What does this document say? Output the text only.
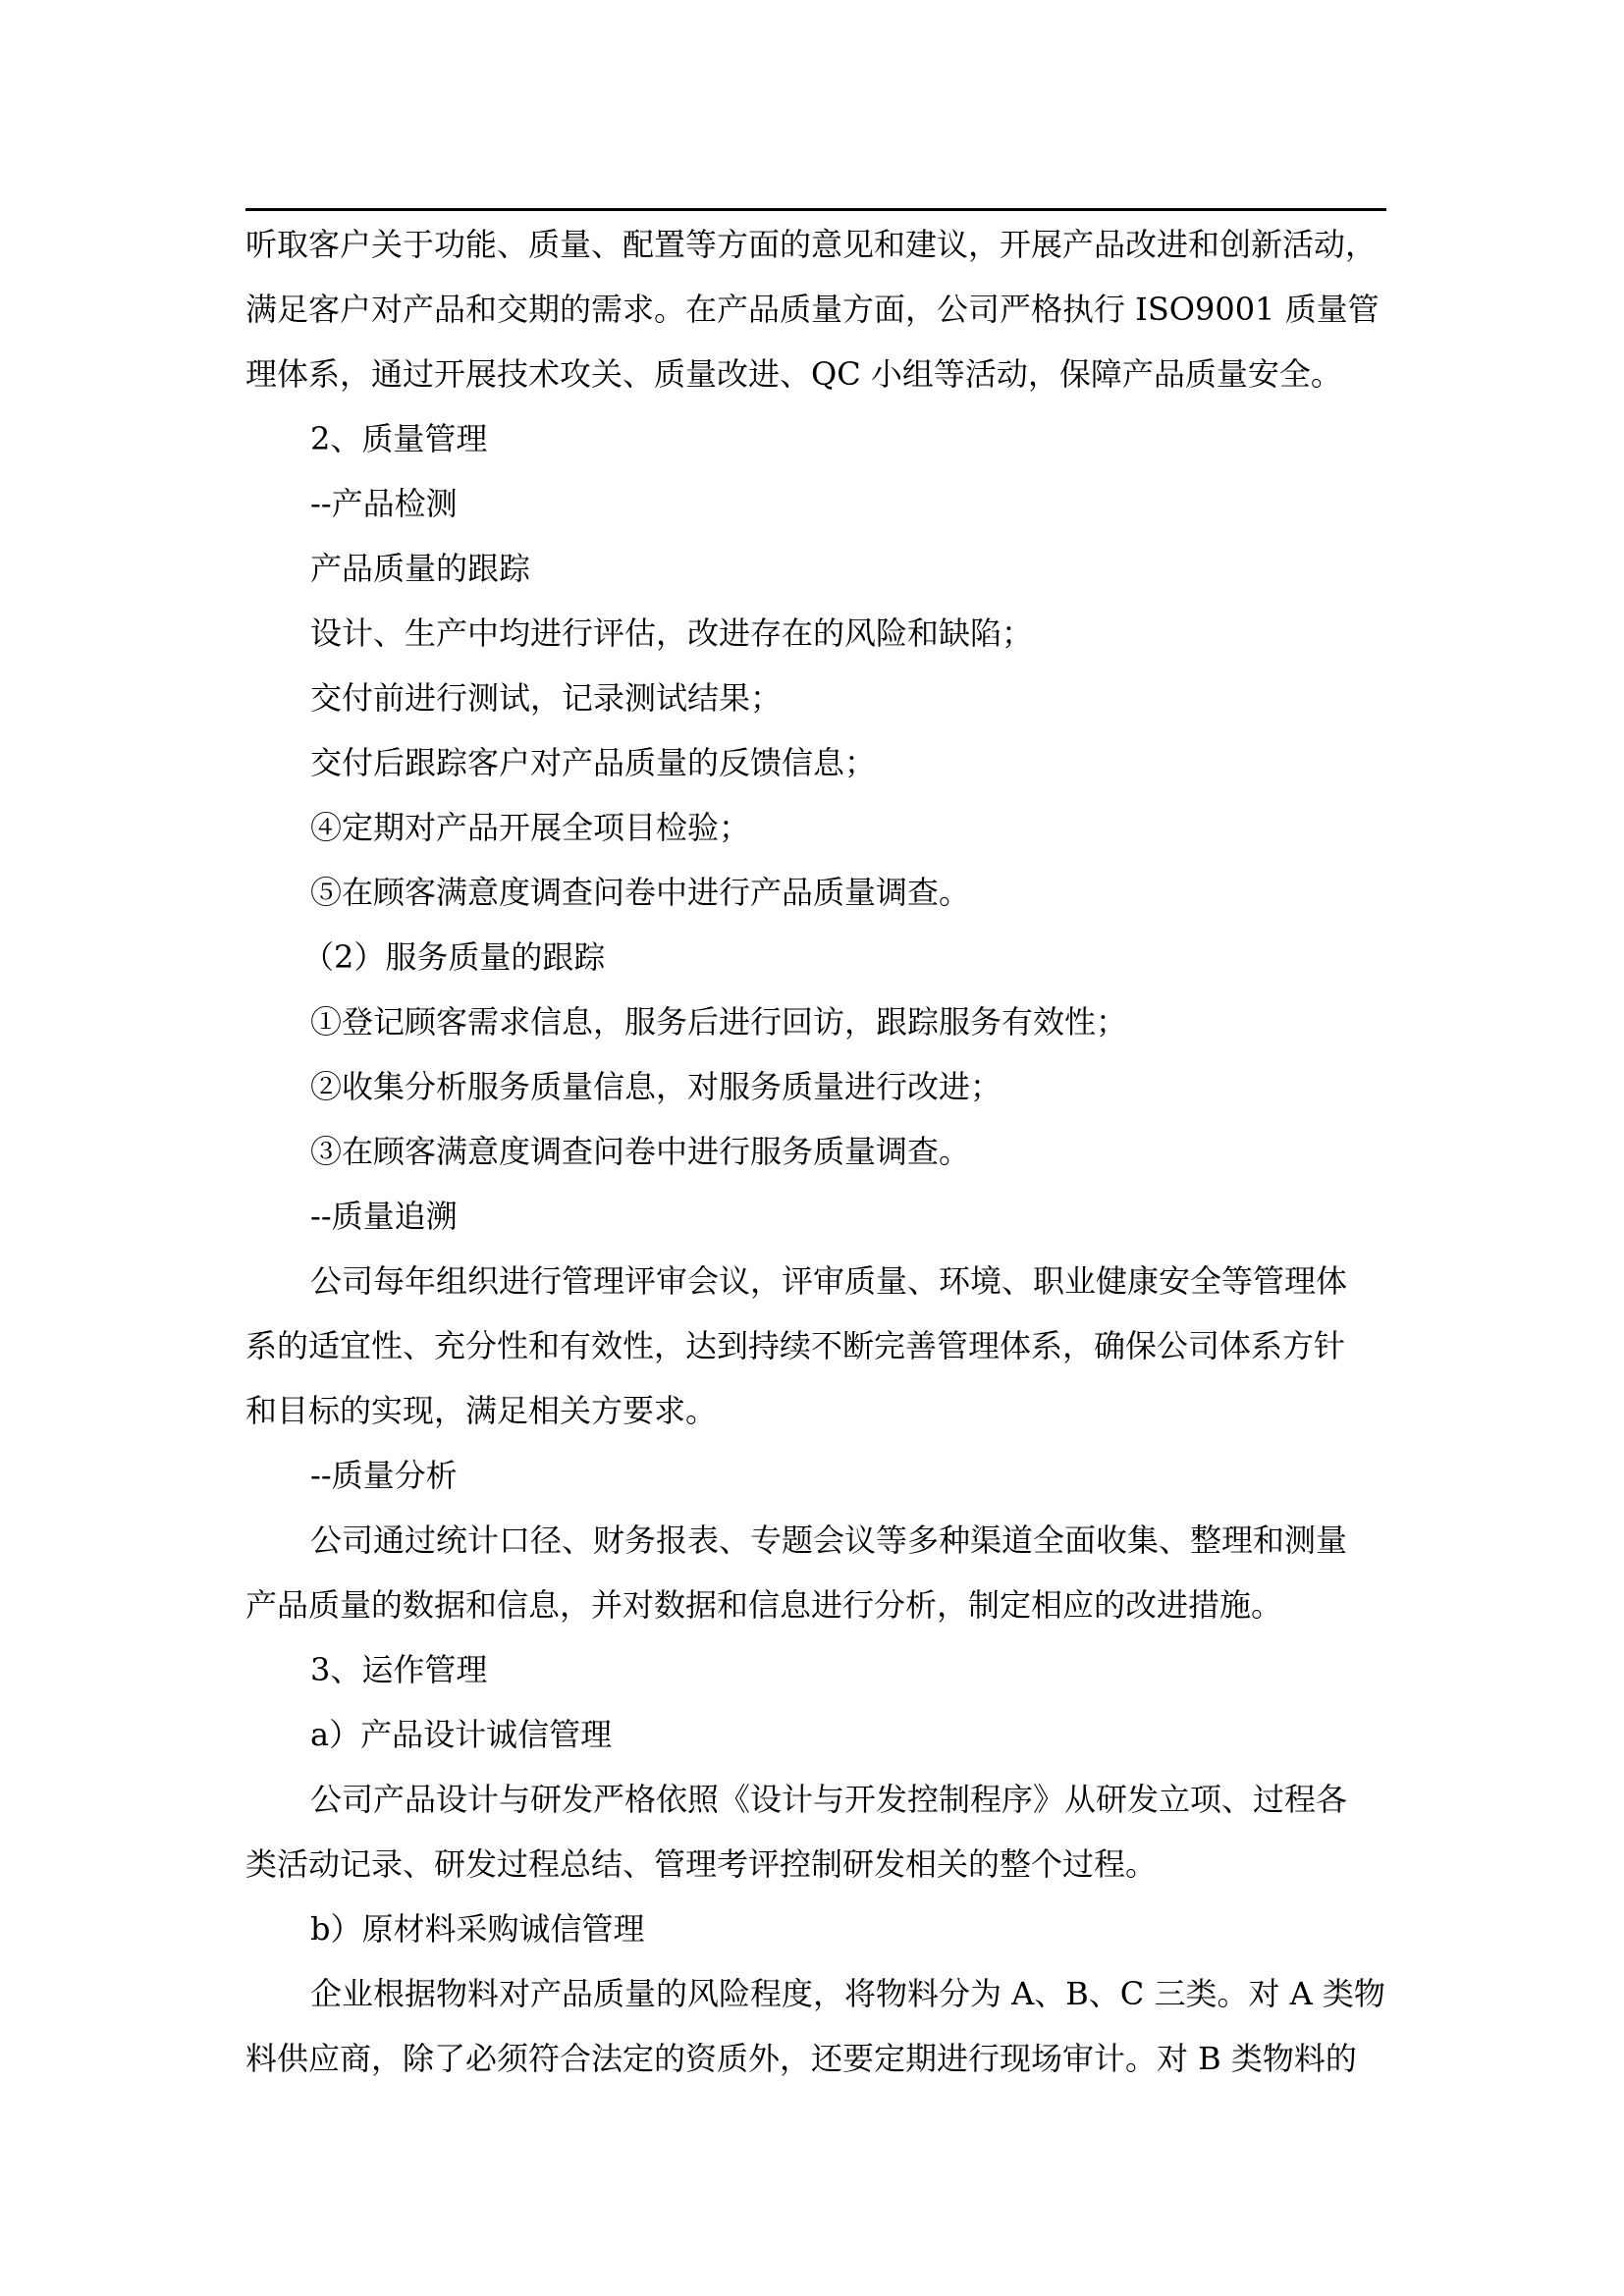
听取客户关于功能、质量、配置等方面的意见和建议，开展产品改进和创新活动，
满足客户对产品和交期的需求。在产品质量方面，公司严格执行 ISO9001 质量管
理体系，通过开展技术攻关、质量改进、QC 小组等活动，保障产品质量安全。
2、质量管理
--产品检测
产品质量的跟踪
设计、生产中均进行评估，改进存在的风险和缺陷；
交付前进行测试，记录测试结果；
交付后跟踪客户对产品质量的反馈信息；
④定期对产品开展全项目检验；
⑤在顾客满意度调查问卷中进行产品质量调查。
（2）服务质量的跟踪
①登记顾客需求信息，服务后进行回访，跟踪服务有效性；
②收集分析服务质量信息，对服务质量进行改进；
③在顾客满意度调查问卷中进行服务质量调查。
--质量追溯
公司每年组织进行管理评审会议，评审质量、环境、职业健康安全等管理体
系的适宜性、充分性和有效性，达到持续不断完善管理体系，确保公司体系方针
和目标的实现，满足相关方要求。
--质量分析
公司通过统计口径、财务报表、专题会议等多种渠道全面收集、整理和测量
产品质量的数据和信息，并对数据和信息进行分析，制定相应的改进措施。
3、运作管理
a）产品设计诚信管理
公司产品设计与研发严格依照《设计与开发控制程序》从研发立项、过程各
类活动记录、研发过程总结、管理考评控制研发相关的整个过程。
b）原材料采购诚信管理
企业根据物料对产品质量的风险程度，将物料分为 A、B、C 三类。对 A 类物
料供应商，除了必须符合法定的资质外，还要定期进行现场审计。对 B 类物料的
